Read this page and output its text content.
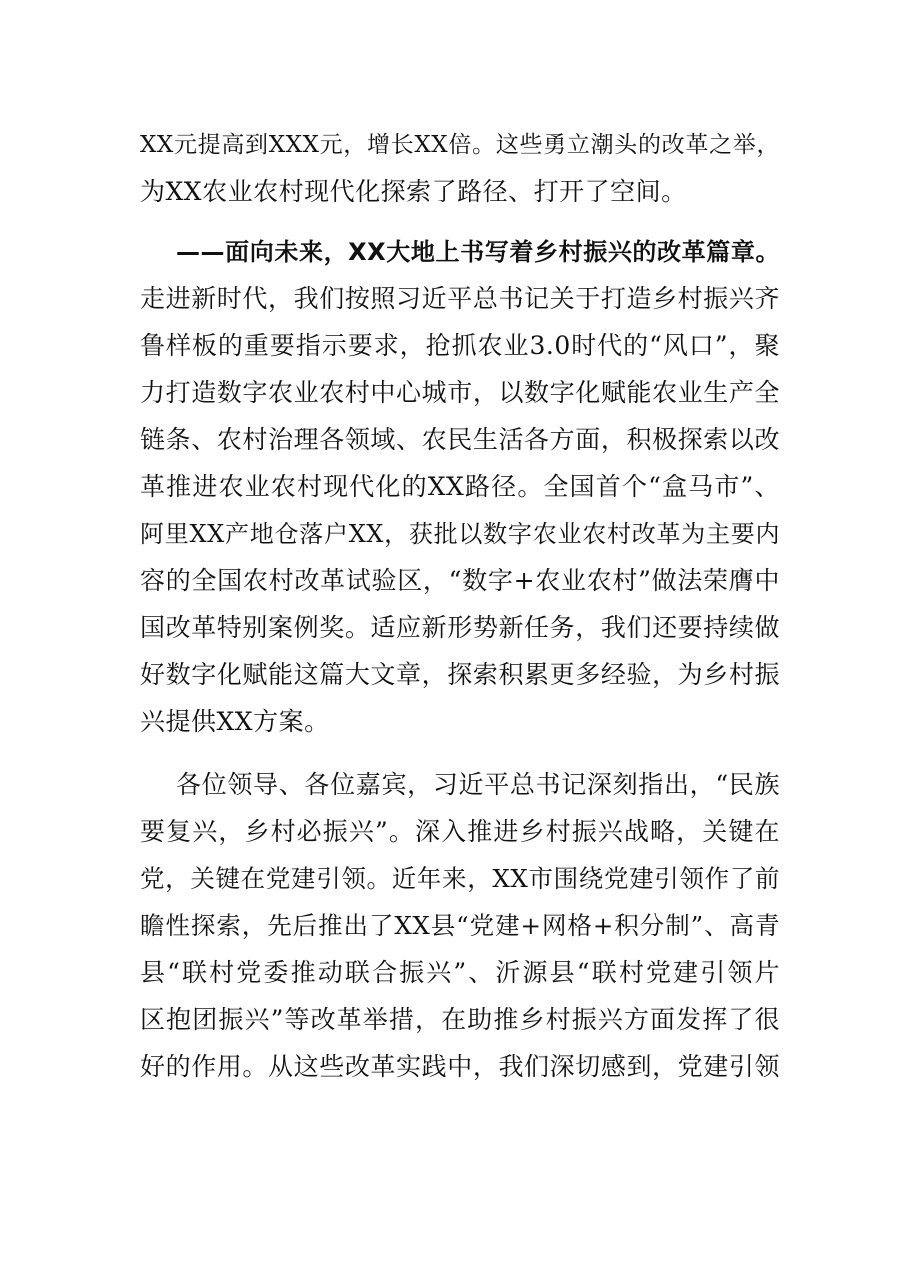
XX元提高到XXX元，增长XX倍。这些勇立潮头的改革之举，
为XX农业农村现代化探索了路径、打开了空间。
——面向未来，XX大地上书写着乡村振兴的改革篇章。
走进新时代，我们按照习近平总书记关于打造乡村振兴齐
鲁样板的重要指示要求，抢抓农业3.0时代的“风口”，聚
力打造数字农业农村中心城市，以数字化赋能农业生产全
链条、农村治理各领域、农民生活各方面，积极探索以改
革推进农业农村现代化的XX路径。全国首个“盒马市”、
阿里XX产地仓落户XX，获批以数字农业农村改革为主要内
容的全国农村改革试验区，“数字+农业农村”做法荣膺中
国改革特别案例奖。适应新形势新任务，我们还要持续做
好数字化赋能这篇大文章，探索积累更多经验，为乡村振
兴提供XX方案。
各位领导、各位嘉宾，习近平总书记深刻指出，“民族
要复兴，乡村必振兴”。深入推进乡村振兴战略，关键在
党，关键在党建引领。近年来，XX市围绕党建引领作了前
瞻性探索，先后推出了XX县“党建+网格+积分制”、高青
县“联村党委推动联合振兴”、沂源县“联村党建引领片
区抱团振兴”等改革举措，在助推乡村振兴方面发挥了很
好的作用。从这些改革实践中，我们深切感到，党建引领
